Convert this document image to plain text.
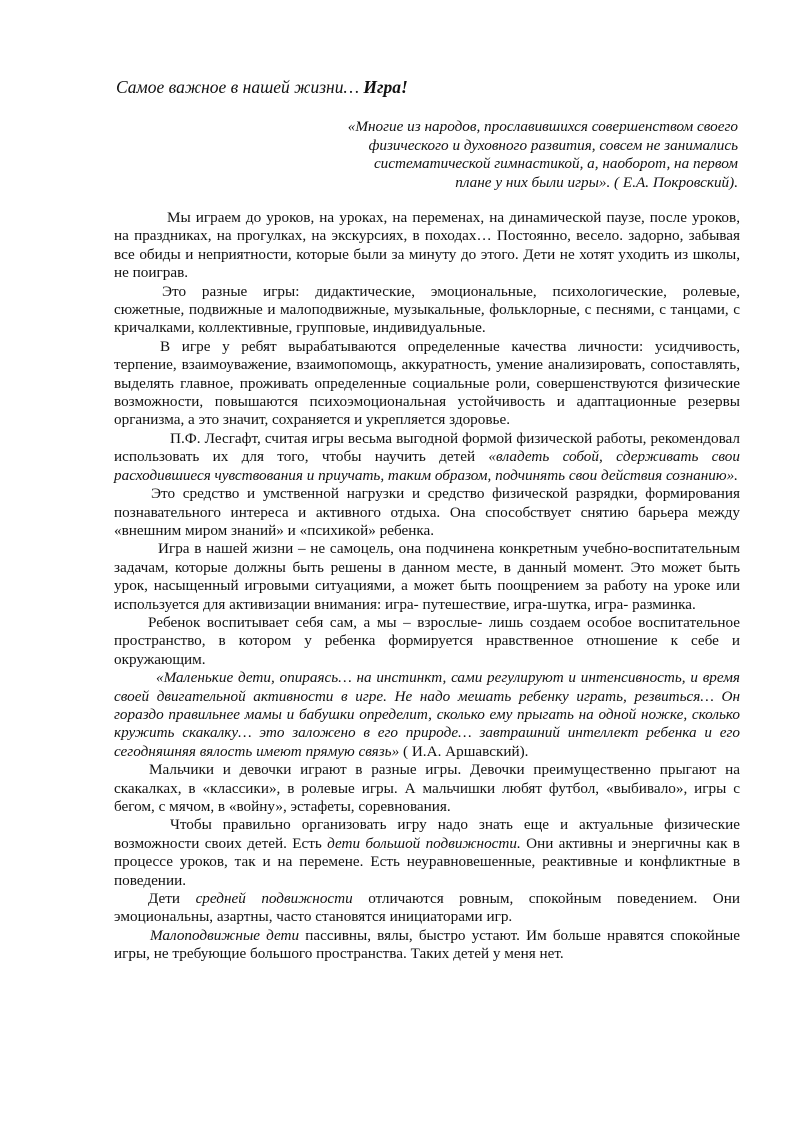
Самое важное в нашей жизни… Игра!
«Многие из народов, прославившихся совершенством своего
физического и духовного развития, совсем не занимались
систематической гимнастикой, а, наоборот, на первом
плане у них были игры». ( Е.А. Покровский).

Мы играем до уроков, на уроках, на переменах, на динамической паузе, после уроков, на праздниках, на прогулках, на экскурсиях, в походах… Постоянно, весело. задорно, забывая все обиды и неприятности, которые были за минуту до этого. Дети не хотят уходить из школы, не поиграв.

Это разные игры: дидактические, эмоциональные, психологические, ролевые, сюжетные, подвижные и малоподвижные, музыкальные, фольклорные, с песнями, с танцами, с кричалками, коллективные, групповые, индивидуальные.

В игре у ребят вырабатываются определенные качества личности: усидчивость, терпение, взаимоуважение, взаимопомощь, аккуратность, умение анализировать, сопоставлять, выделять главное, проживать определенные социальные роли, совершенствуются физические возможности, повышаются психоэмоциональная устойчивость и адаптационные резервы организма, а это значит, сохраняется и укрепляется здоровье.

П.Ф. Лесгафт, считая игры весьма выгодной формой физической работы, рекомендовал использовать их для того, чтобы научить детей «владеть собой, сдерживать свои расходившиеся чувствования и приучать, таким образом, подчинять свои действия сознанию».

Это средство и умственной нагрузки и средство физической разрядки, формирования познавательного интереса и активного отдыха. Она способствует снятию барьера между «внешним миром знаний» и «психикой» ребенка.

Игра в нашей жизни – не самоцель, она подчинена конкретным учебно-воспитательным задачам, которые должны быть решены в данном месте, в данный момент. Это может быть урок, насыщенный игровыми ситуациями, а может быть поощрением за работу на уроке или используется для активизации внимания: игра- путешествие, игра-шутка, игра- разминка.

Ребенок воспитывает себя сам, а мы – взрослые- лишь создаем особое воспитательное пространство, в котором у ребенка формируется нравственное отношение к себе и окружающим.

«Маленькие дети, опираясь… на инстинкт, сами регулируют и интенсивность, и время своей двигательной активности в игре. Не надо мешать ребенку играть, резвиться… Он гораздо правильнее мамы и бабушки определит, сколько ему прыгать на одной ножке, сколько кружить скакалку… это заложено в его природе… завтрашний интеллект ребенка и его сегодняшняя вялость имеют прямую связь» ( И.А. Аршавский).

Мальчики и девочки играют в разные игры. Девочки преимущественно прыгают на скакалках, в «классики», в ролевые игры. А мальчишки любят футбол, «выбивало», игры с бегом, с мячом, в «войну», эстафеты, соревнования.

Чтобы правильно организовать игру надо знать еще и актуальные физические возможности своих детей. Есть дети большой подвижности. Они активны и энергичны как в процессе уроков, так и на перемене. Есть неуравновешенные, реактивные и конфликтные в поведении.

Дети средней подвижности отличаются ровным, спокойным поведением. Они эмоциональны, азартны, часто становятся инициаторами игр.

Малоподвижные дети пассивны, вялы, быстро устают. Им больше нравятся спокойные игры, не требующие большого пространства. Таких детей у меня нет.
